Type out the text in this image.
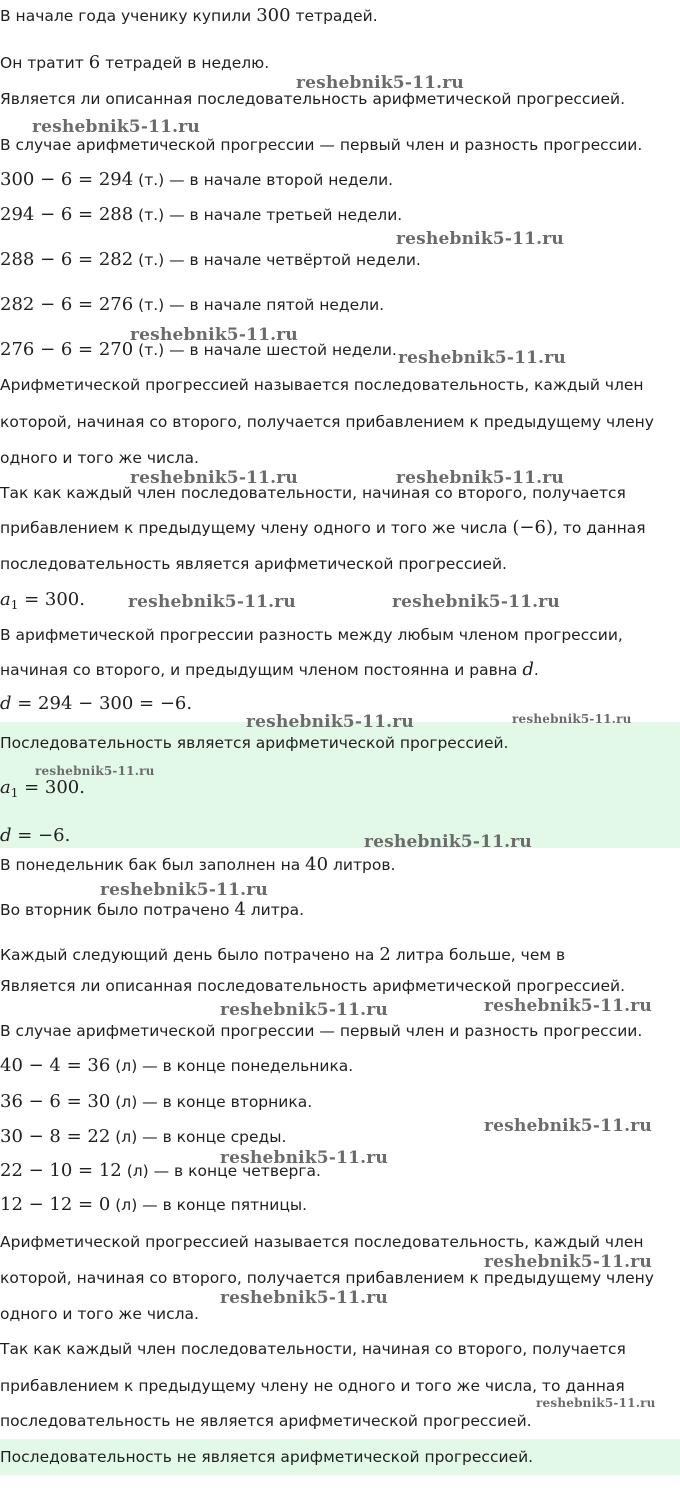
В начале года ученику купили 300 тетрадей.
Он тратит 6 тетрадей в неделю.
Является ли описанная последовательность арифметической прогрессией.
В случае арифметической прогрессии — первый член и разность прогрессии.
300 − 6 = 294 (т.) — в начале второй недели.
294 − 6 = 288 (т.) — в начале третьей недели.
288 − 6 = 282 (т.) — в начале четвёртой недели.
282 − 6 = 276 (т.) — в начале пятой недели.
276 − 6 = 270 (т.) — в начале шестой недели.
Арифметической прогрессией называется последовательность, каждый член
которой, начиная со второго, получается прибавлением к предыдущему члену
одного и того же числа.
Так как каждый член последовательности, начиная со второго, получается
прибавлением к предыдущему члену одного и того же числа (−6), то данная
последовательность является арифметической прогрессией.
$a_1 = 300$.
В арифметической прогрессии разность между любым членом прогрессии,
начиная со второго, и предыдущим членом постоянна и равна d.
d = 294 − 300 = −6.
Последовательность является арифметической прогрессией.
$a_1 = 300$.
d = −6.
В понедельник бак был заполнен на 40 литров.
Во вторник было потрачено 4 литра.
Каждый следующий день было потрачено на 2 литра больше, чем в
Является ли описанная последовательность арифметической прогрессией.
В случае арифметической прогрессии — первый член и разность прогрессии.
40 − 4 = 36 (л) — в конце понедельника.
36 − 6 = 30 (л) — в конце вторника.
30 − 8 = 22 (л) — в конце среды.
22 − 10 = 12 (л) — в конце четверга.
12 − 12 = 0 (л) — в конце пятницы.
Арифметической прогрессией называется последовательность, каждый член
которой, начиная со второго, получается прибавлением к предыдущему члену
одного и того же числа.
Так как каждый член последовательности, начиная со второго, получается
прибавлением к предыдущему члену не одного и того же числа, то данная
последовательность не является арифметической прогрессией.
Последовательность не является арифметической прогрессией.
reshebnik5-11.ru
reshebnik5-11.ru
reshebnik5-11.ru
reshebnik5-11.ru
reshebnik5-11.ru
reshebnik5-11.ru	reshebnik5-11.ru
reshebnik5-11.ru	reshebnik5-11.ru
reshebnik5-11.ru	reshebnik5-11.ru
reshebnik5-11.ru
reshebnik5-11.ru
reshebnik5-11.ru
reshebnik5-11.ru	reshebnik5-11.ru
reshebnik5-11.ru
reshebnik5-11.ru
reshebnik5-11.ru
reshebnik5-11.ru
reshebnik5-11.ru
